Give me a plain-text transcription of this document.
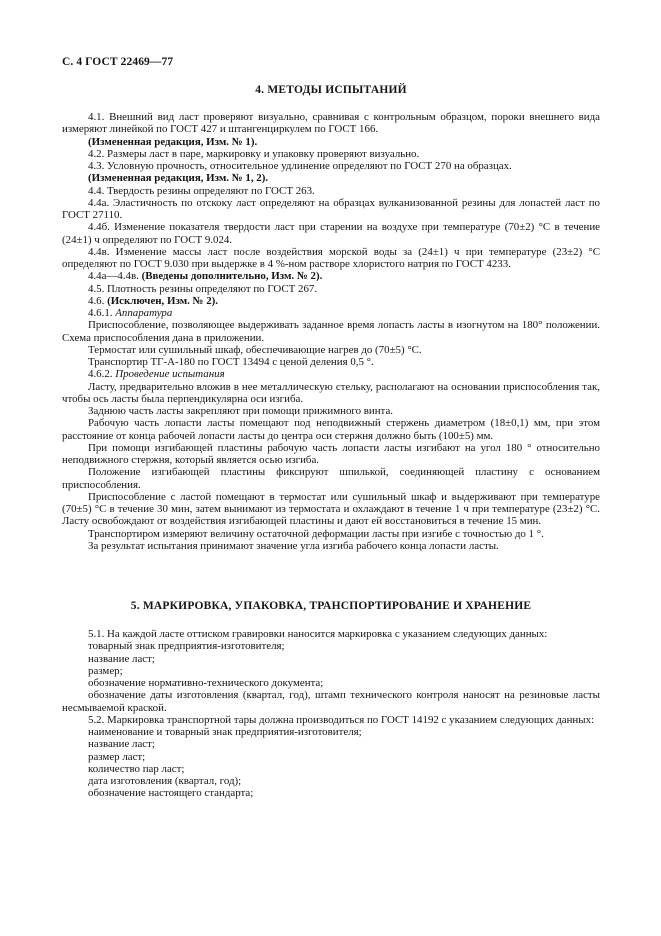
С. 4 ГОСТ 22469—77
4. МЕТОДЫ ИСПЫТАНИЙ

4.1. Внешний вид ласт проверяют визуально, сравнивая с контрольным образцом, пороки внешнего вида измеряют линейкой по ГОСТ 427 и штангенциркулем по ГОСТ 166.

(Измененная редакция, Изм. № 1).

4.2. Размеры ласт в паре, маркировку и упаковку проверяют визуально.

4.3. Условную прочность, относительное удлинение определяют по ГОСТ 270 на образцах.

(Измененная редакция, Изм. № 1, 2).

4.4. Твердость резины определяют по ГОСТ 263.

4.4а. Эластичность по отскоку ласт определяют на образцах вулканизованной резины для лопастей ласт по ГОСТ 27110.

4.4б. Изменение показателя твердости ласт при старении на воздухе при температуре (70±2) °С в течение (24±1) ч определяют по ГОСТ 9.024.

4.4в. Изменение массы ласт после воздействия морской воды за (24±1) ч при температуре (23±2) °С определяют по ГОСТ 9.030 при выдержке в 4 %-ном растворе хлористого натрия по ГОСТ 4233.

4.4а—4.4в. (Введены дополнительно, Изм. № 2).

4.5. Плотность резины определяют по ГОСТ 267.

4.6. (Исключен, Изм. № 2).

4.6.1. Аппаратура

Приспособление, позволяющее выдерживать заданное время лопасть ласты в изогнутом на 180° положении. Схема приспособления дана в приложении.

Термостат или сушильный шкаф, обеспечивающие нагрев до (70±5) °С.

Транспортир ТГ-А-180 по ГОСТ 13494 с ценой деления 0,5 °.

4.6.2. Проведение испытания

Ласту, предварительно вложив в нее металлическую стельку, располагают на основании приспособления так, чтобы ось ласты была перпендикулярна оси изгиба.

Заднюю часть ласты закрепляют при помощи прижимного винта.

Рабочую часть лопасти ласты помещают под неподвижный стержень диаметром (18±0,1) мм, при этом расстояние от конца рабочей лопасти ласты до центра оси стержня должно быть (100±5) мм.

При помощи изгибающей пластины рабочую часть лопасти ласты изгибают на угол 180 ° относительно неподвижного стержня, который является осью изгиба.

Положение изгибающей пластины фиксируют шпилькой, соединяющей пластину с основанием приспособления.

Приспособление с ластой помещают в термостат или сушильный шкаф и выдерживают при температуре (70±5) °С в течение 30 мин, затем вынимают из термостата и охлаждают в течение 1 ч при температуре (23±2) °С. Ласту освобождают от воздействия изгибающей пластины и дают ей восстановиться в течение 15 мин.

Транспортиром измеряют величину остаточной деформации ласты при изгибе с точностью до 1 °.

За результат испытания принимают значение угла изгиба рабочего конца лопасти ласты.

5. МАРКИРОВКА, УПАКОВКА, ТРАНСПОРТИРОВАНИЕ И ХРАНЕНИЕ

5.1. На каждой ласте оттиском гравировки наносится маркировка с указанием следующих данных:

товарный знак предприятия-изготовителя;

название ласт;

размер;

обозначение нормативно-технического документа;

обозначение даты изготовления (квартал, год), штамп технического контроля наносят на резиновые ласты несмываемой краской.

5.2. Маркировка транспортной тары должна производиться по ГОСТ 14192 с указанием следующих данных:

наименование и товарный знак предприятия-изготовителя;

название ласт;

размер ласт;

количество пар ласт;

дата изготовления (квартал, год);

обозначение настоящего стандарта;
